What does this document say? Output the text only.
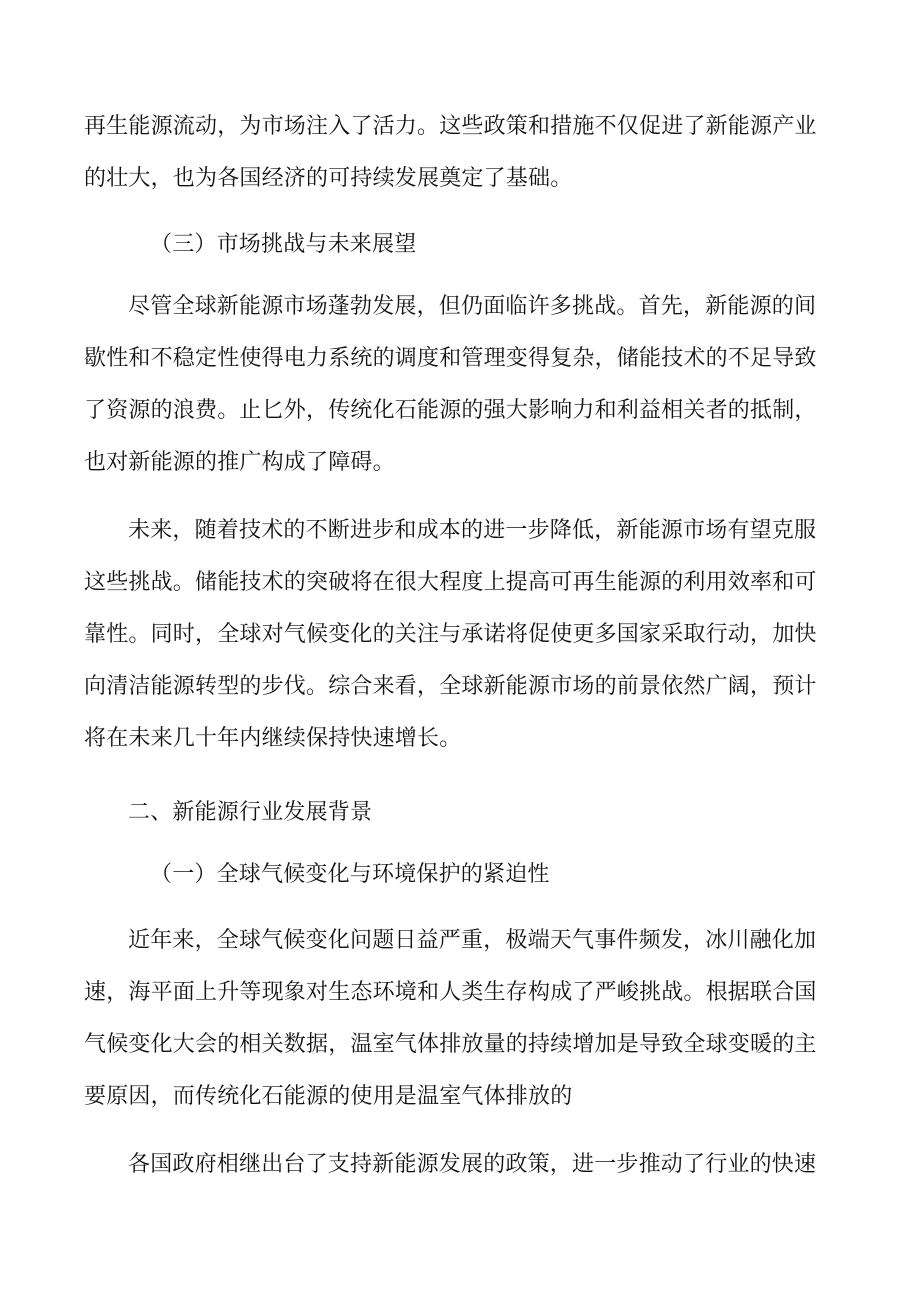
再生能源流动，为市场注入了活力。这些政策和措施不仅促进了新能源产业
的壮大，也为各国经济的可持续发展奠定了基础。
（三）市场挑战与未来展望
尽管全球新能源市场蓬勃发展，但仍面临许多挑战。首先，新能源的间
歇性和不稳定性使得电力系统的调度和管理变得复杂，储能技术的不足导致
了资源的浪费。止匕外，传统化石能源的强大影响力和利益相关者的抵制，
也对新能源的推广构成了障碍。
未来，随着技术的不断进步和成本的进一步降低，新能源市场有望克服
这些挑战。储能技术的突破将在很大程度上提高可再生能源的利用效率和可
靠性。同时，全球对气候变化的关注与承诺将促使更多国家采取行动，加快
向清洁能源转型的步伐。综合来看，全球新能源市场的前景依然广阔，预计
将在未来几十年内继续保持快速增长。
二、新能源行业发展背景
（一）全球气候变化与环境保护的紧迫性
近年来，全球气候变化问题日益严重，极端天气事件频发，冰川融化加
速，海平面上升等现象对生态环境和人类生存构成了严峻挑战。根据联合国
气候变化大会的相关数据，温室气体排放量的持续增加是导致全球变暖的主
要原因，而传统化石能源的使用是温室气体排放的
各国政府相继出台了支持新能源发展的政策，进一步推动了行业的快速
